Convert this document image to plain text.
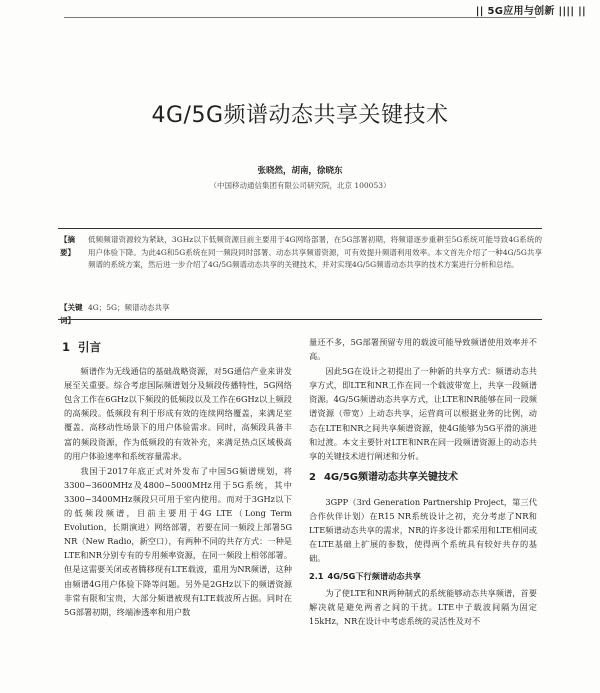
|| 5G应用与创新 |||| ||
4G/5G频谱动态共享关键技术
张晓然，胡南，徐晓东
（中国移动通信集团有限公司研究院，北京 100053）
【摘 要】
低频频谱资源较为紧缺，3GHz以下低频资源目前主要用于4G网络部署，在5G部署初期，将频谱逐步重耕至5G系统可能导致4G系统的用户体验下降。为此4G和5G系统在同一频段同时部署、动态共享频谱资源，可有效提升频谱利用效率。本文首先介绍了一种4G/5G共享频谱的系统方案，然后进一步介绍了4G/5G频谱动态共享的关键技术，并对实现4G/5G频谱动态共享的技术方案进行分析和总结。
【关键词】
4G；5G；频谱动态共享
1 引言

频谱作为无线通信的基础战略资源，对5G通信产业来讲发展至关重要。综合考虑国际频谱划分及频段传播特性，5G网络包含工作在6GHz以下频段的低频段以及工作在6GHz以上频段的高频段。低频段有利于形成有效的连续网络覆盖，来满足室覆盖、高移动性场景下的用户体验需求。同时，高频段具备丰富的频段资源，作为低频段的有效补充，来满足热点区域极高的用户体验速率和系统容量需求。

我国于2017年底正式对外发布了中国5G频谱规划，将3300~3600MHz及4800~5000MHz用于5G系统，其中3300~3400MHz频段只可用于室内使用。而对于3GHz以下的低频段频谱，目前主要用于4G LTE（Long Term Evolution，长期演进）网络部署，若要在同一频段上部署5G NR（New Radio，新空口），有两种不同的共存方式：一种是LTE和NR分别专有的专用频率资源，在同一频段上相邻部署。但是这需要关闭或者腾移现有LTE载波，重用为NR频谱，这种由频谱4G用户体验下降等问题。另外是2GHz以下的频谱资源非常有限和宝贵，大部分频谱被现有LTE载波所占据。同时在5G部署初期，终端渗透率和用户数

量还不多，5G部署预留专用的载波可能导致频谱使用效率并不高。

因此5G在设计之初提出了一种新的共享方式：频谱动态共享方式，即LTE和NR工作在同一个载波带宽上，共享一段频谱资源。4G/5G频谱动态共享方式，让LTE和NR能够在同一段频谱资源（带宽）上动态共享，运营商可以根据业务的比例，动态在LTE和NR之间共享频谱资源，使4G能够为5G平滑的演进和过渡。本文主要针对LTE和NR在同一段频谱资源上的动态共享的关键技术进行阐述和分析。

2 4G/5G频谱动态共享关键技术

3GPP（3rd Generation Partnership Project，第三代合作伙伴计划）在R15 NR系统设计之初，充分考虑了NR和LTE频谱动态共享的需求，NR的许多设计都采用和LTE相同或在LTE基础上扩展的参数，使得两个系统具有较好共存的基础。

2.1 4G/5G下行频谱动态共享

为了使LTE和NR两种制式的系统能够动态共享频谱，首要解决就是避免两者之间的干扰。LTE中子载波间隔为固定15kHz，NR在设计中考虑系统的灵活性及对不
